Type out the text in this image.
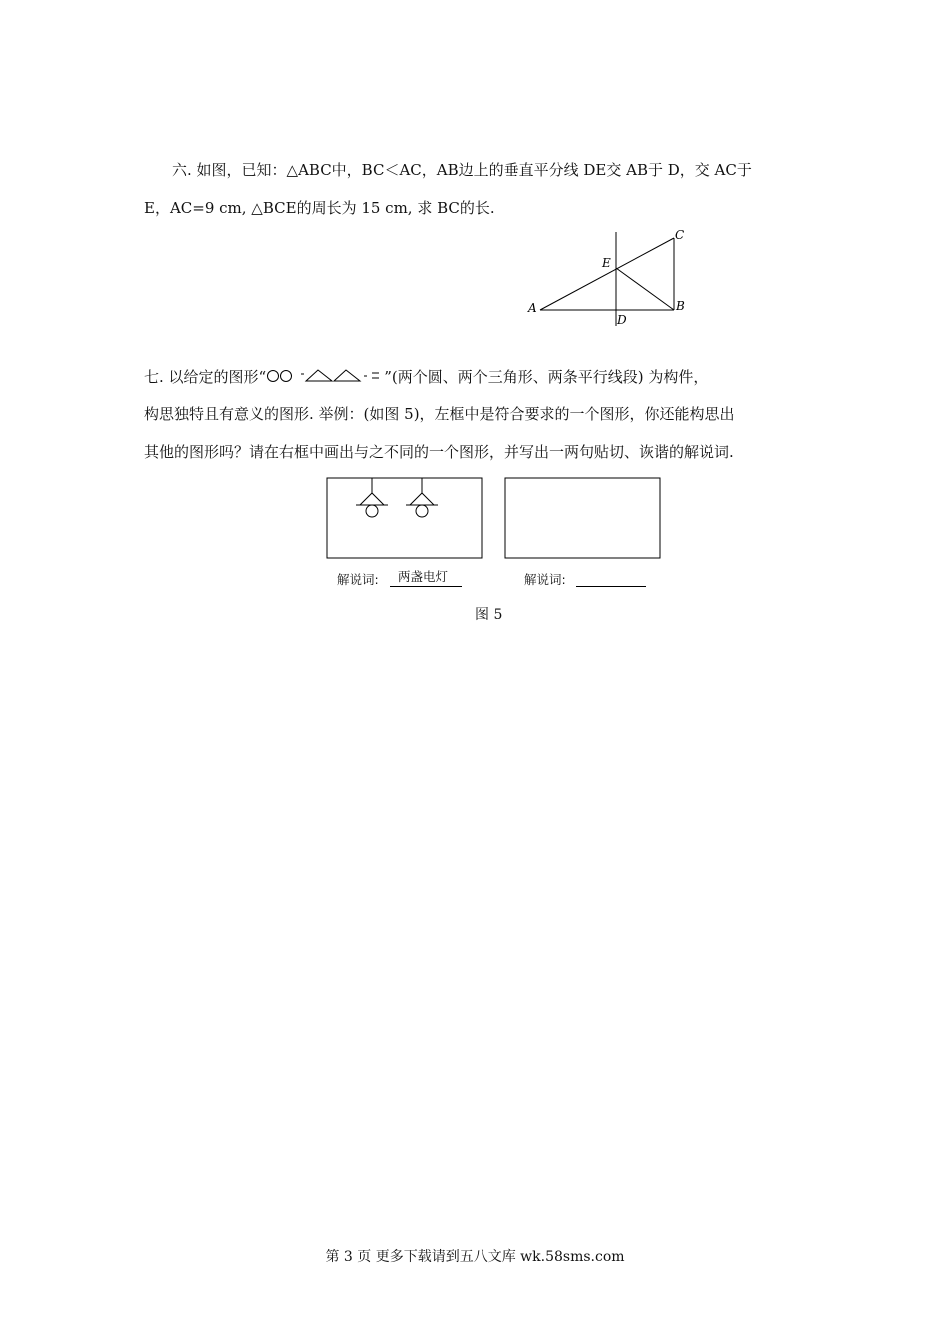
六. 如图，已知：△ABC中，BC＜AC，AB边上的垂直平分线 DE交 AB于 D，交 AC于
E，AC=9 cm, △BCE的周长为 15 cm, 求 BC的长.
A	B
C
D
E
七. 以给定的图形“	”(两个圆、两个三角形、两条平行线段) 为构件，
构思独特且有意义的图形. 举例：(如图 5)，左框中是符合要求的一个图形，你还能构思出
其他的图形吗？请在右框中画出与之不同的一个图形，并写出一两句贴切、诙谐的解说词.
解说词: 两盏电灯	解说词:
图 5
第 3 页 更多下载请到五八文库 wk.58sms.com
